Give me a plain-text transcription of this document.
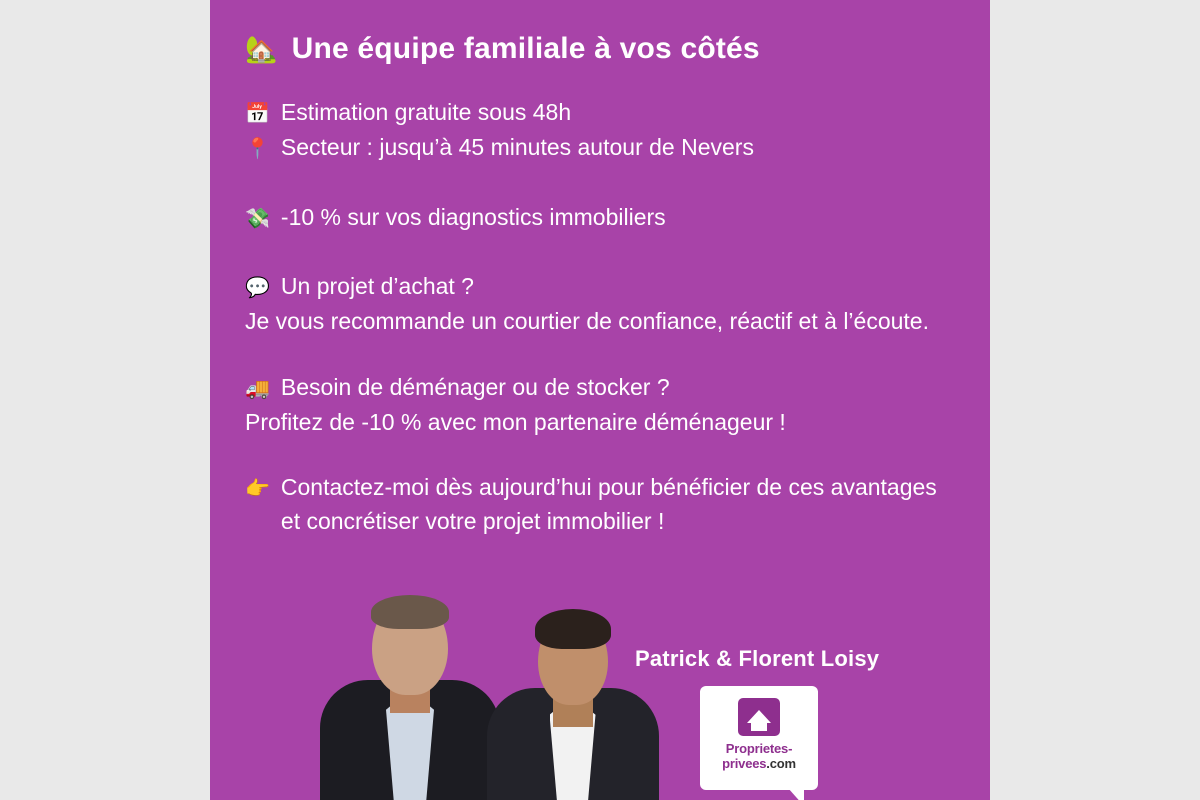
🏡 Une équipe familiale à vos côtés
📅 Estimation gratuite sous 48h
📍 Secteur : jusqu’à 45 minutes autour de Nevers
💸 -10 % sur vos diagnostics immobiliers
💬 Un projet d’achat ?

Je vous recommande un courtier de confiance, réactif et à l’écoute.

🚚 Besoin de déménager ou de stocker ?

Profitez de -10 % avec mon partenaire déménageur !

👉 Contactez-moi dès aujourd’hui pour bénéficier de ces avantages et concrétiser votre projet immobilier !
Patrick & Florent Loisy
Proprietes-
privees.com
